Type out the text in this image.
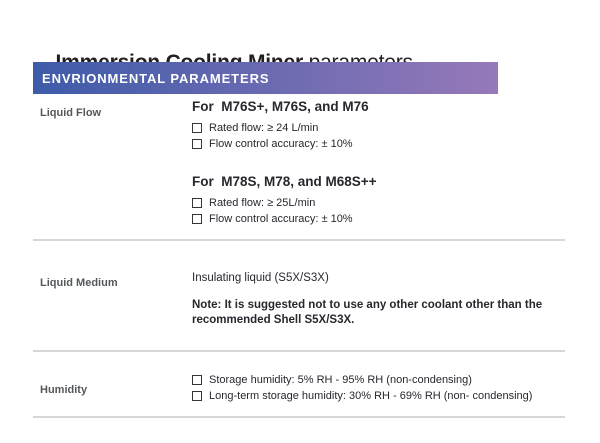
ENVRIONMENTAL PARAMETERS
Liquid Flow	For  M76S+, M76S, and M76

Rated flow: ≥ 24 L/min
Flow control accuracy: ± 10%

For  M78S, M78, and M68S++

Rated flow: ≥ 25L/min
Flow control accuracy: ± 10%
Liquid Medium	Insulating liquid (S5X/S3X)

Note: It is suggested not to use any other coolant other than the recommended Shell S5X/S3X.

Humidity
Storage humidity: 5% RH - 95% RH (non-condensing)
Long-term storage humidity: 30% RH - 69% RH (non- condensing)
